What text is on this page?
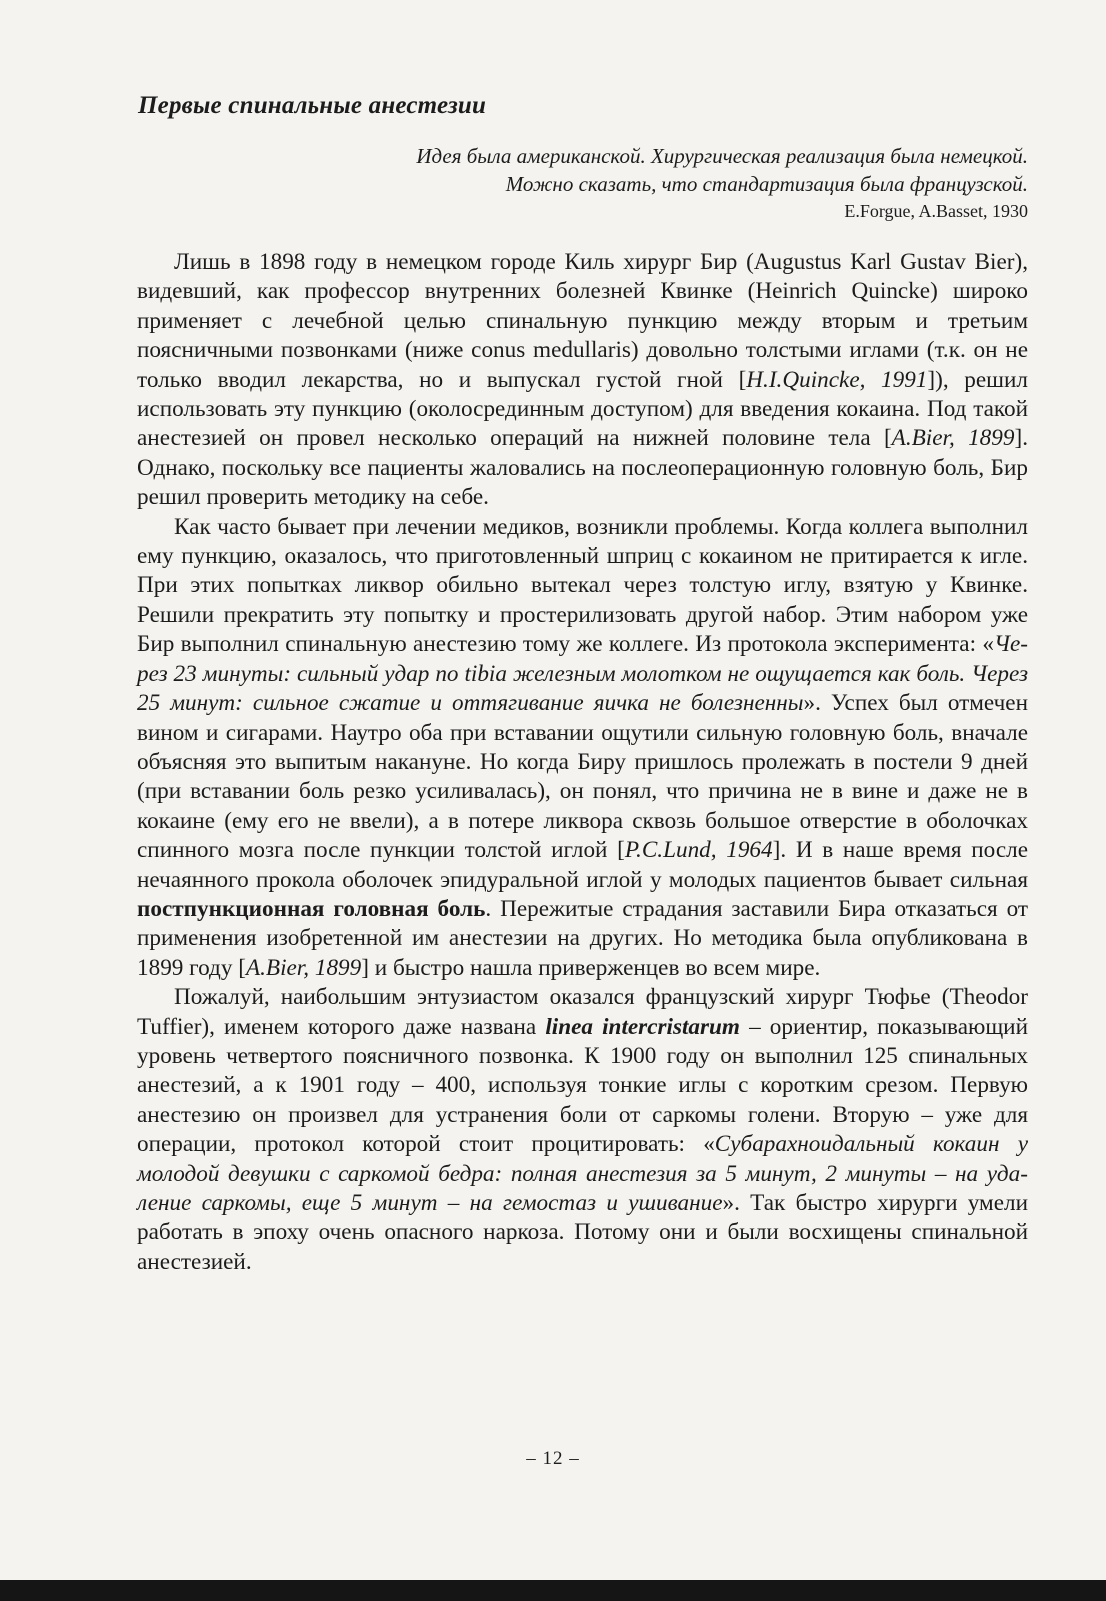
Первые спинальные анестезии
Идея была американской. Хирургическая реализация была немецкой.
Можно сказать, что стандартизация была французской.
E.Forgue, A.Basset, 1930

Лишь в 1898 году в немецком городе Киль хирург Бир (Augustus Karl Gustav Bier), видевший, как профессор внутренних болезней Квинке (Heinrich Quincke) широко применяет с лечебной целью спинальную пункцию между вторым и третьим поясничными позвонками (ниже conus medullaris) довольно толстыми иглами (т.к. он не только вводил лекарства, но и выпускал густой гной [H.I.Quincke, 1991]), решил использовать эту пункцию (околосрединным доступом) для введения кокаина. Под такой анестезией он провел несколько операций на нижней половине тела [A.Bier, 1899]. Однако, поскольку все пациенты жаловались на послеоперационную головную боль, Бир решил проверить методику на себе.

Как часто бывает при лечении медиков, возникли проблемы. Когда коллега выполнил ему пункцию, оказалось, что приготовленный шприц с кокаином не притирается к игле. При этих попытках ликвор обильно вытекал через толстую иглу, взятую у Квинке. Решили прекратить эту попытку и простерилизовать другой набор. Этим набором уже Бир выполнил спинальную анестезию тому же коллеге. Из протокола эксперимента: «Через 23 минуты: сильный удар по tibia железным молотком не ощущается как боль. Через 25 минут: сильное сжатие и оттягивание яичка не болезненны». Успех был отмечен вином и сигарами. Наутро оба при вставании ощутили сильную головную боль, вначале объясняя это выпитым накануне. Но когда Биру пришлось пролежать в постели 9 дней (при вставании боль резко усиливалась), он понял, что причина не в вине и даже не в кокаине (ему его не ввели), а в потере ликвора сквозь большое отверстие в оболочках спинного мозга после пункции толстой иглой [P.C.Lund, 1964]. И в наше время после нечаянного прокола оболочек эпидуральной иглой у молодых пациентов бывает сильная постпункционная головная боль. Пережитые страдания заставили Бира отказаться от применения изобретенной им анестезии на других. Но методика была опубликована в 1899 году [A.Bier, 1899] и быстро нашла приверженцев во всем мире.

Пожалуй, наибольшим энтузиастом оказался французский хирург Тюфье (Theodor Tuffier), именем которого даже названа linea intercristarum – ориентир, показывающий уровень четвертого поясничного позвонка. К 1900 году он выполнил 125 спинальных анестезий, а к 1901 году – 400, используя тонкие иглы с коротким срезом. Первую анестезию он произвел для устранения боли от саркомы голени. Вторую – уже для операции, протокол которой стоит процитировать: «Субарахноидальный кокаин у молодой девушки с саркомой бедра: полная анестезия за 5 минут, 2 минуты – на удаление саркомы, еще 5 минут – на гемостаз и ушивание». Так быстро хирурги умели работать в эпоху очень опасного наркоза. Потому они и были восхищены спинальной анестезией.

– 12 –
